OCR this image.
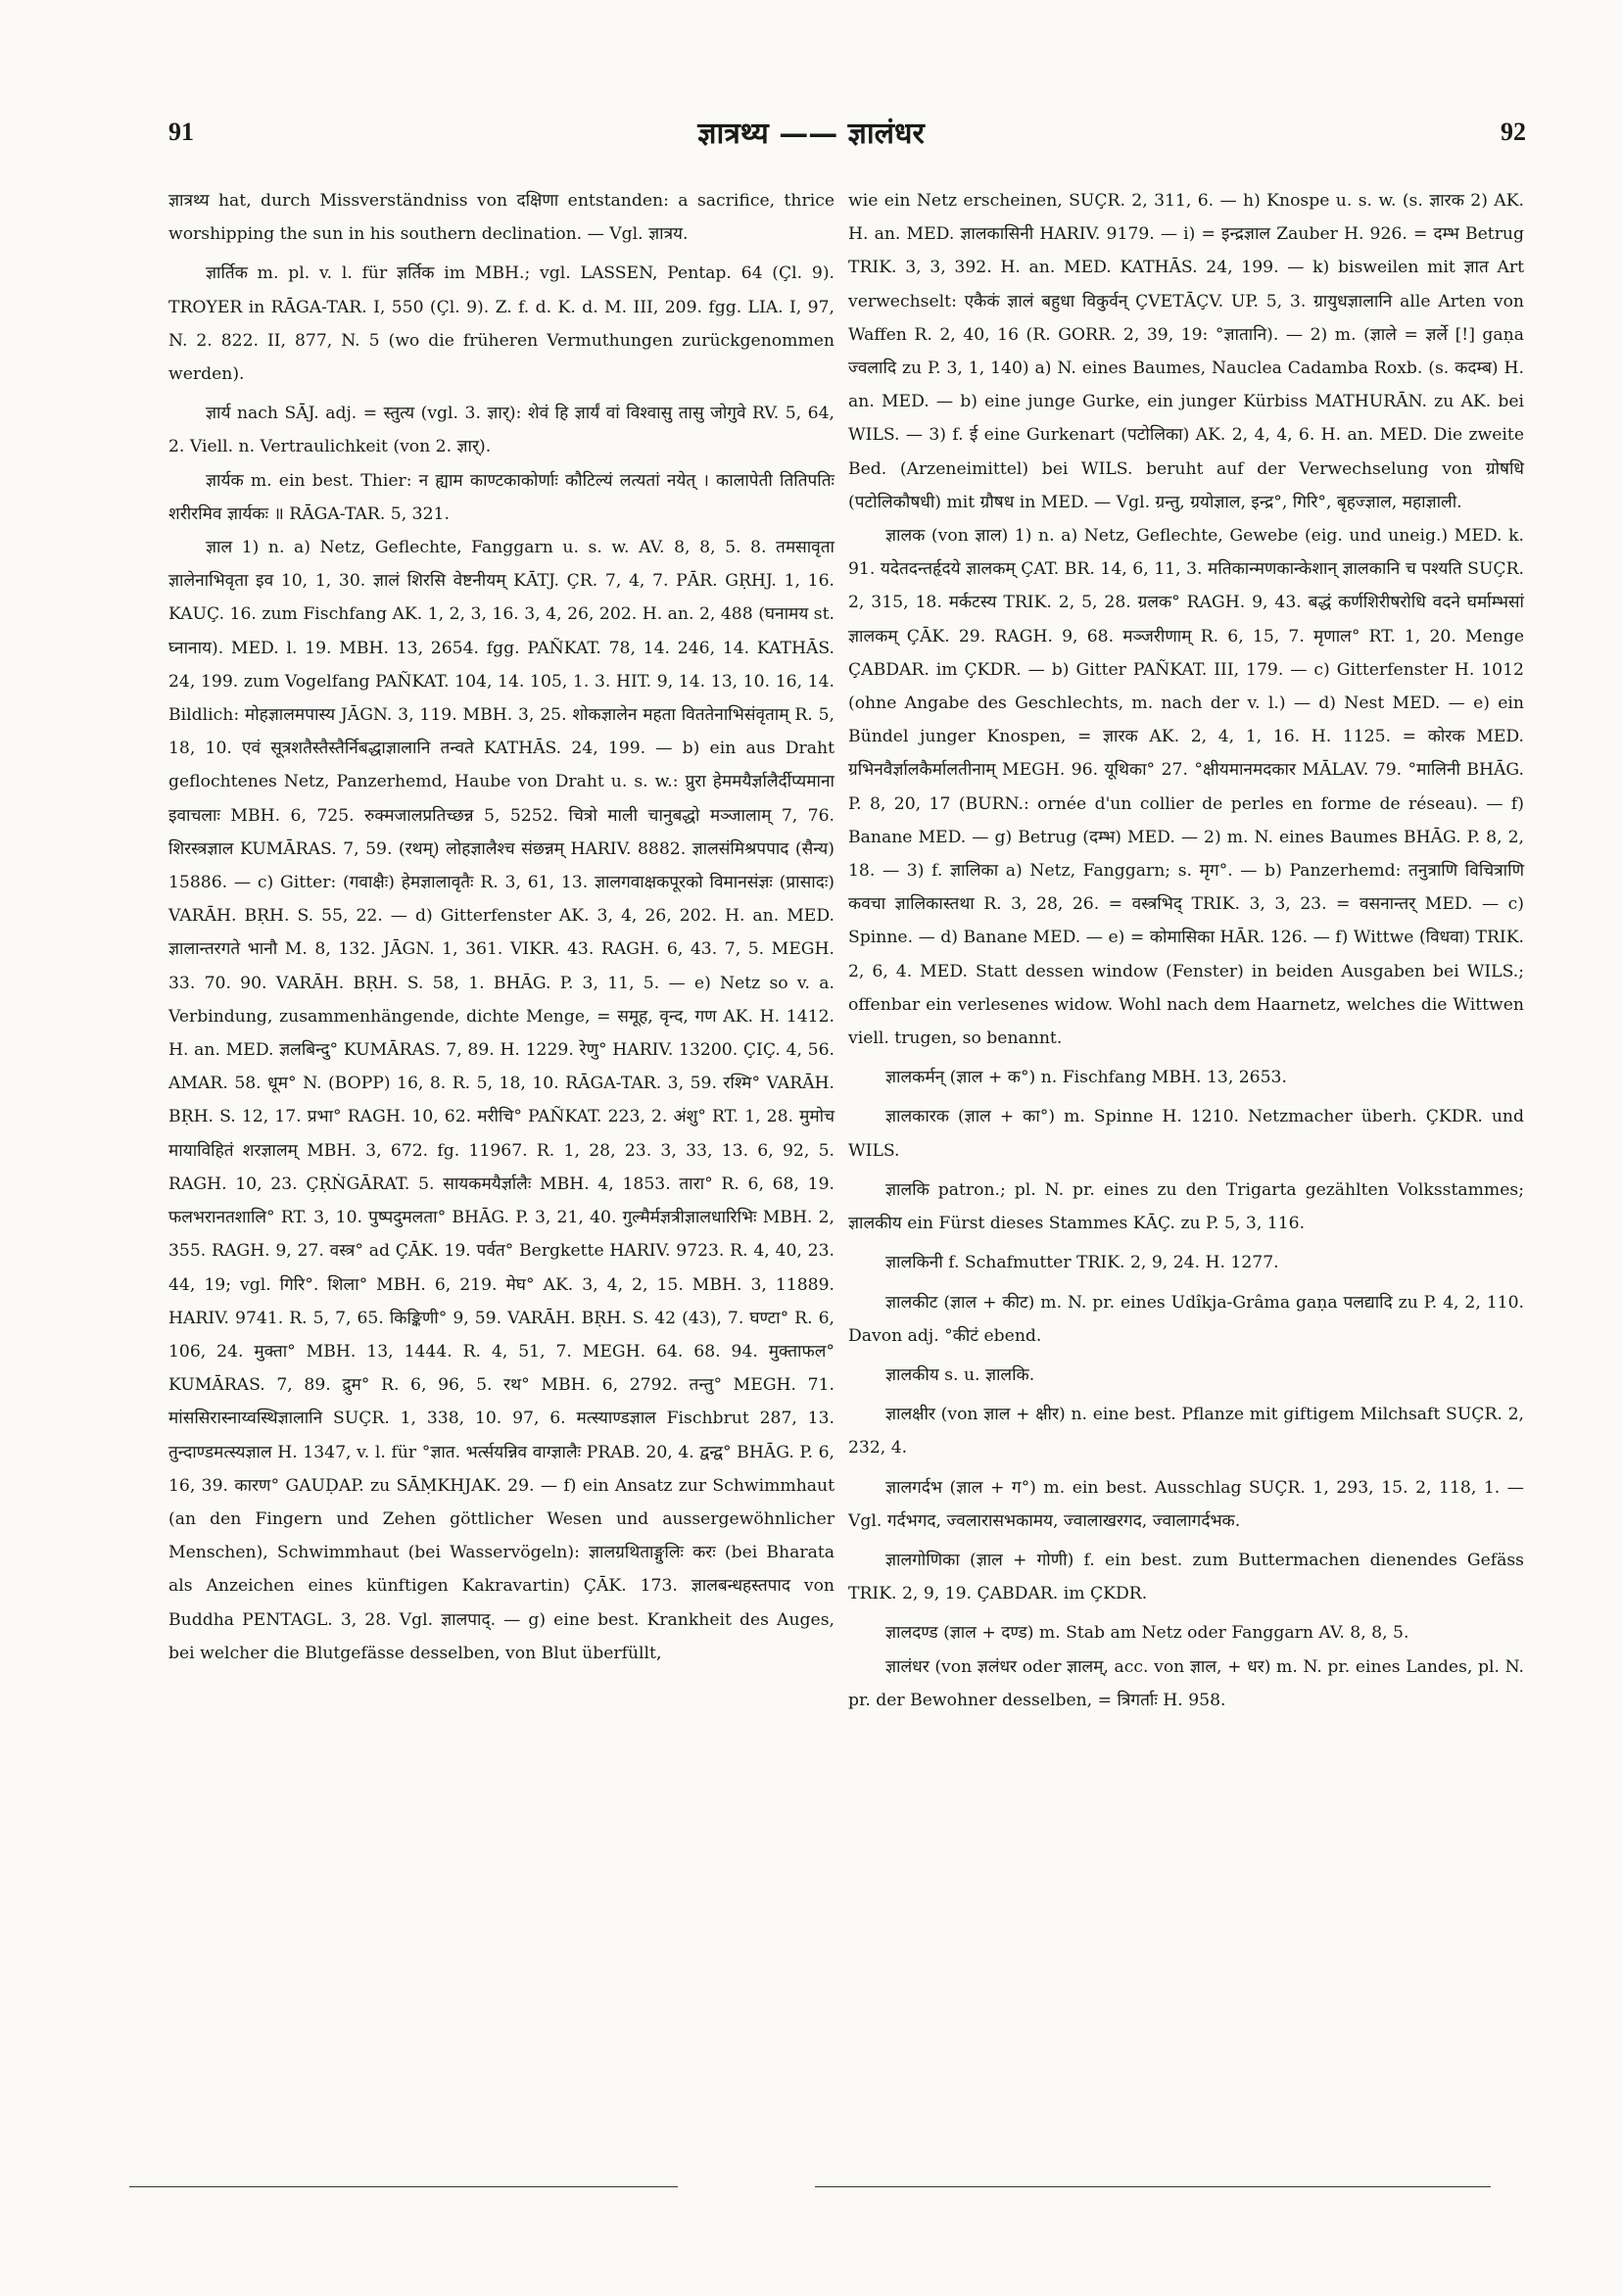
91	ज्ञात्रथ्य —— ज्ञालंधर	92

ज्ञात्रथ्य hat, durch Missverständniss von दक्षिणा entstanden: a sacrifice, thrice worshipping the sun in his southern declination. — Vgl. ज्ञात्रय.

ज्ञार्तिक m. pl. v. l. für ज्ञर्तिक im MBH.; vgl. LASSEN, Pentap. 64 (Çl. 9). TROYER in RĀGA-TAR. I, 550 (Çl. 9). Z. f. d. K. d. M. III, 209. fgg. LIA. I, 97, N. 2. 822. II, 877, N. 5 (wo die früheren Vermuthungen zurückgenommen werden).

ज्ञार्य nach SĀJ. adj. = स्तुत्य (vgl. 3. ज्ञार्): शेवं हि ज्ञार्यं वां विश्वासु तासु जोगुवे RV. 5, 64, 2. Viell. n. Vertraulichkeit (von 2. ज्ञार्).

ज्ञार्यक m. ein best. Thier: न ह्याम काण्टकाकोर्णाः कौटिल्यं लत्यतां नयेत् । कालापेती तितिपतिः शरीरमिव ज्ञार्यकः ॥ RĀGA-TAR. 5, 321.

ज्ञाल 1) n. a) Netz, Geflechte, Fanggarn u. s. w. AV. 8, 8, 5. 8. तमसावृता ज्ञालेनाभिवृता इव 10, 1, 30. ज्ञालं शिरसि वेष्टनीयम् KĀTJ. ÇR. 7, 4, 7. PĀR. GṚHJ. 1, 16. KAUÇ. 16. zum Fischfang AK. 1, 2, 3, 16. 3, 4, 26, 202. H. an. 2, 488 (घनामय st. घ्नानाय). MED. l. 19. MBH. 13, 2654. fgg. PAÑKAT. 78, 14. 246, 14. KATHĀS. 24, 199. zum Vogelfang PAÑKAT. 104, 14. 105, 1. 3. HIT. 9, 14. 13, 10. 16, 14. Bildlich: मोहज्ञालमपास्य JĀGN. 3, 119. MBH. 3, 25. शोकज्ञालेन महता विततेनाभिसंवृताम् R. 5, 18, 10. एवं सूत्रशतैस्तैस्तैर्निबद्धाज्ञालानि तन्वते KATHĀS. 24, 199. — b) ein aus Draht geflochtenes Netz, Panzerhemd, Haube von Draht u. s. w.: प्रुरा हेममयैर्ज्ञालैर्दीप्यमाना इवाचलाः MBH. 6, 725. रुक्मजालप्रतिच्छन्न 5, 5252. चित्रो माली चानुबद्धो मञ्जालाम् 7, 76. शिरस्त्रज्ञाल KUMĀRAS. 7, 59. (रथम्) लोहज्ञालैश्च संछन्नम् HARIV. 8882. ज्ञालसंमिश्रपपाद (सैन्य) 15886. — c) Gitter: (गवाक्षैः) हेमज्ञालावृतैः R. 3, 61, 13. ज्ञालगवाक्षकपूरको विमानसंज्ञः (प्रासादः) VARĀH. BṚH. S. 55, 22. — d) Gitterfenster AK. 3, 4, 26, 202. H. an. MED. ज्ञालान्तरगते भानौ M. 8, 132. JĀGN. 1, 361. VIKR. 43. RAGH. 6, 43. 7, 5. MEGH. 33. 70. 90. VARĀH. BṚH. S. 58, 1. BHĀG. P. 3, 11, 5. — e) Netz so v. a. Verbindung, zusammenhängende, dichte Menge, = समूह, वृन्द, गण AK. H. 1412. H. an. MED. ज्ञलबिन्दु° KUMĀRAS. 7, 89. H. 1229. रेणु° HARIV. 13200. ÇIÇ. 4, 56. AMAR. 58. धूम° N. (BOPP) 16, 8. R. 5, 18, 10. RĀGA-TAR. 3, 59. रश्मि° VARĀH. BṚH. S. 12, 17. प्रभा° RAGH. 10, 62. मरीचि° PAÑKAT. 223, 2. अंशु° RT. 1, 28. मुमोच मायाविहितं शरज्ञालम् MBH. 3, 672. fg. 11967. R. 1, 28, 23. 3, 33, 13. 6, 92, 5. RAGH. 10, 23. ÇṚṄGĀRAT. 5. सायकमयैर्ज्ञालैः MBH. 4, 1853. तारा° R. 6, 68, 19. फलभरानतशालि° RT. 3, 10. पुष्पदुमलता° BHĀG. P. 3, 21, 40. गुल्मैर्मज्ञत्रीज्ञालधारिभिः MBH. 2, 355. RAGH. 9, 27. वस्त्र° ad ÇĀK. 19. पर्वत° Bergkette HARIV. 9723. R. 4, 40, 23. 44, 19; vgl. गिरि°. शिला° MBH. 6, 219. मेघ° AK. 3, 4, 2, 15. MBH. 3, 11889. HARIV. 9741. R. 5, 7, 65. किङ्किणी° 9, 59. VARĀH. BṚH. S. 42 (43), 7. घण्टा° R. 6, 106, 24. मुक्ता° MBH. 13, 1444. R. 4, 51, 7. MEGH. 64. 68. 94. मुक्ताफल° KUMĀRAS. 7, 89. द्रुम° R. 6, 96, 5. रथ° MBH. 6, 2792. तन्तु° MEGH. 71. मांससिरास्नाय्वस्थिज्ञालानि SUÇR. 1, 338, 10. 97, 6. मत्स्याण्डज्ञाल Fischbrut 287, 13. तुन्दाण्डमत्स्यज्ञाल H. 1347, v. l. für °ज्ञात. भर्त्सयन्निव वाग्ज्ञालैः PRAB. 20, 4. द्वन्द्व° BHĀG. P. 6, 16, 39. कारण° GAUḌAP. zu SĀṂKHJAK. 29. — f) ein Ansatz zur Schwimmhaut (an den Fingern und Zehen göttlicher Wesen und aussergewöhnlicher Menschen), Schwimmhaut (bei Wasservögeln): ज्ञालग्रथिताङ्गुलिः करः (bei Bharata als Anzeichen eines künftigen Kakravartin) ÇĀK. 173. ज्ञालबन्धहस्तपाद von Buddha PENTAGL. 3, 28. Vgl. ज्ञालपाद्. — g) eine best. Krankheit des Auges, bei welcher die Blutgefässe desselben, von Blut überfüllt,

wie ein Netz erscheinen, SUÇR. 2, 311, 6. — h) Knospe u. s. w. (s. ज्ञारक 2) AK. H. an. MED. ज्ञालकासिनी HARIV. 9179. — i) = इन्द्रज्ञाल Zauber H. 926. = दम्भ Betrug TRIK. 3, 3, 392. H. an. MED. KATHĀS. 24, 199. — k) bisweilen mit ज्ञात Art verwechselt: एकैकं ज्ञालं बहुधा विकुर्वन् ÇVETĀÇV. UP. 5, 3. ग्रायुधज्ञालानि alle Arten von Waffen R. 2, 40, 16 (R. GORR. 2, 39, 19: °ज्ञातानि). — 2) m. (ज्ञाले = ज्ञर्ले [!] gaṇa ज्वलादि zu P. 3, 1, 140) a) N. eines Baumes, Nauclea Cadamba Roxb. (s. कदम्ब) H. an. MED. — b) eine junge Gurke, ein junger Kürbiss MATHURĀN. zu AK. bei WILS. — 3) f. ई eine Gurkenart (पटोलिका) AK. 2, 4, 4, 6. H. an. MED. Die zweite Bed. (Arzeneimittel) bei WILS. beruht auf der Verwechselung von ग्रोषधि (पटोलिकौषधी) mit ग्रौषध in MED. — Vgl. ग्रन्तु, ग्रयोज्ञाल, इन्द्र°, गिरि°, बृहज्ज्ञाल, महाज्ञाली.

ज्ञालक (von ज्ञाल) 1) n. a) Netz, Geflechte, Gewebe (eig. und uneig.) MED. k. 91. यदेतदन्तर्हृदये ज्ञालकम् ÇAT. BR. 14, 6, 11, 3. मतिकान्मणकान्केशान् ज्ञालकानि च पश्यति SUÇR. 2, 315, 18. मर्कटस्य TRIK. 2, 5, 28. ग्रलक° RAGH. 9, 43. बद्धं कर्णशिरीषरोधि वदने घर्माम्भसां ज्ञालकम् ÇĀK. 29. RAGH. 9, 68. मञ्जरीणाम् R. 6, 15, 7. मृणाल° RT. 1, 20. Menge ÇABDAR. im ÇKDR. — b) Gitter PAÑKAT. III, 179. — c) Gitterfenster H. 1012 (ohne Angabe des Geschlechts, m. nach der v. l.) — d) Nest MED. — e) ein Bündel junger Knospen, = ज्ञारक AK. 2, 4, 1, 16. H. 1125. = कोरक MED. ग्रभिनवैर्ज्ञालकैर्मालतीनाम् MEGH. 96. यूथिका° 27. °क्षीयमानमदकार MĀLAV. 79. °मालिनी BHĀG. P. 8, 20, 17 (BURN.: ornée d'un collier de perles en forme de réseau). — f) Banane MED. — g) Betrug (दम्भ) MED. — 2) m. N. eines Baumes BHĀG. P. 8, 2, 18. — 3) f. ज्ञालिका a) Netz, Fanggarn; s. मृग°. — b) Panzerhemd: तनुत्राणि विचित्राणि कवचा ज्ञालिकास्तथा R. 3, 28, 26. = वस्त्रभिद् TRIK. 3, 3, 23. = वसनान्तर् MED. — c) Spinne. — d) Banane MED. — e) = कोमासिका HĀR. 126. — f) Wittwe (विधवा) TRIK. 2, 6, 4. MED. Statt dessen window (Fenster) in beiden Ausgaben bei WILS.; offenbar ein verlesenes widow. Wohl nach dem Haarnetz, welches die Wittwen viell. trugen, so benannt.

ज्ञालकर्मन् (ज्ञाल + क°) n. Fischfang MBH. 13, 2653.

ज्ञालकारक (ज्ञाल + का°) m. Spinne H. 1210. Netzmacher überh. ÇKDR. und WILS.

ज्ञालकि patron.; pl. N. pr. eines zu den Trigarta gezählten Volksstammes; ज्ञालकीय ein Fürst dieses Stammes KĀÇ. zu P. 5, 3, 116.

ज्ञालकिनी f. Schafmutter TRIK. 2, 9, 24. H. 1277.

ज्ञालकीट (ज्ञाल + कीट) m. N. pr. eines Udîkja-Grâma gaṇa पलद्यादि zu P. 4, 2, 110. Davon adj. °कीटं ebend.

ज्ञालकीय s. u. ज्ञालकि.

ज्ञालक्षीर (von ज्ञाल + क्षीर) n. eine best. Pflanze mit giftigem Milchsaft SUÇR. 2, 232, 4.

ज्ञालगर्दभ (ज्ञाल + ग°) m. ein best. Ausschlag SUÇR. 1, 293, 15. 2, 118, 1. — Vgl. गर्दभगद, ज्वलारासभकामय, ज्वालाखरगद, ज्वालागर्दभक.

ज्ञालगोणिका (ज्ञाल + गोणी) f. ein best. zum Buttermachen dienendes Gefäss TRIK. 2, 9, 19. ÇABDAR. im ÇKDR.

ज्ञालदण्ड (ज्ञाल + दण्ड) m. Stab am Netz oder Fanggarn AV. 8, 8, 5.

ज्ञालंधर (von ज्ञलंधर oder ज्ञालम्, acc. von ज्ञाल, + धर) m. N. pr. eines Landes, pl. N. pr. der Bewohner desselben, = त्रिगर्ताः H. 958.
